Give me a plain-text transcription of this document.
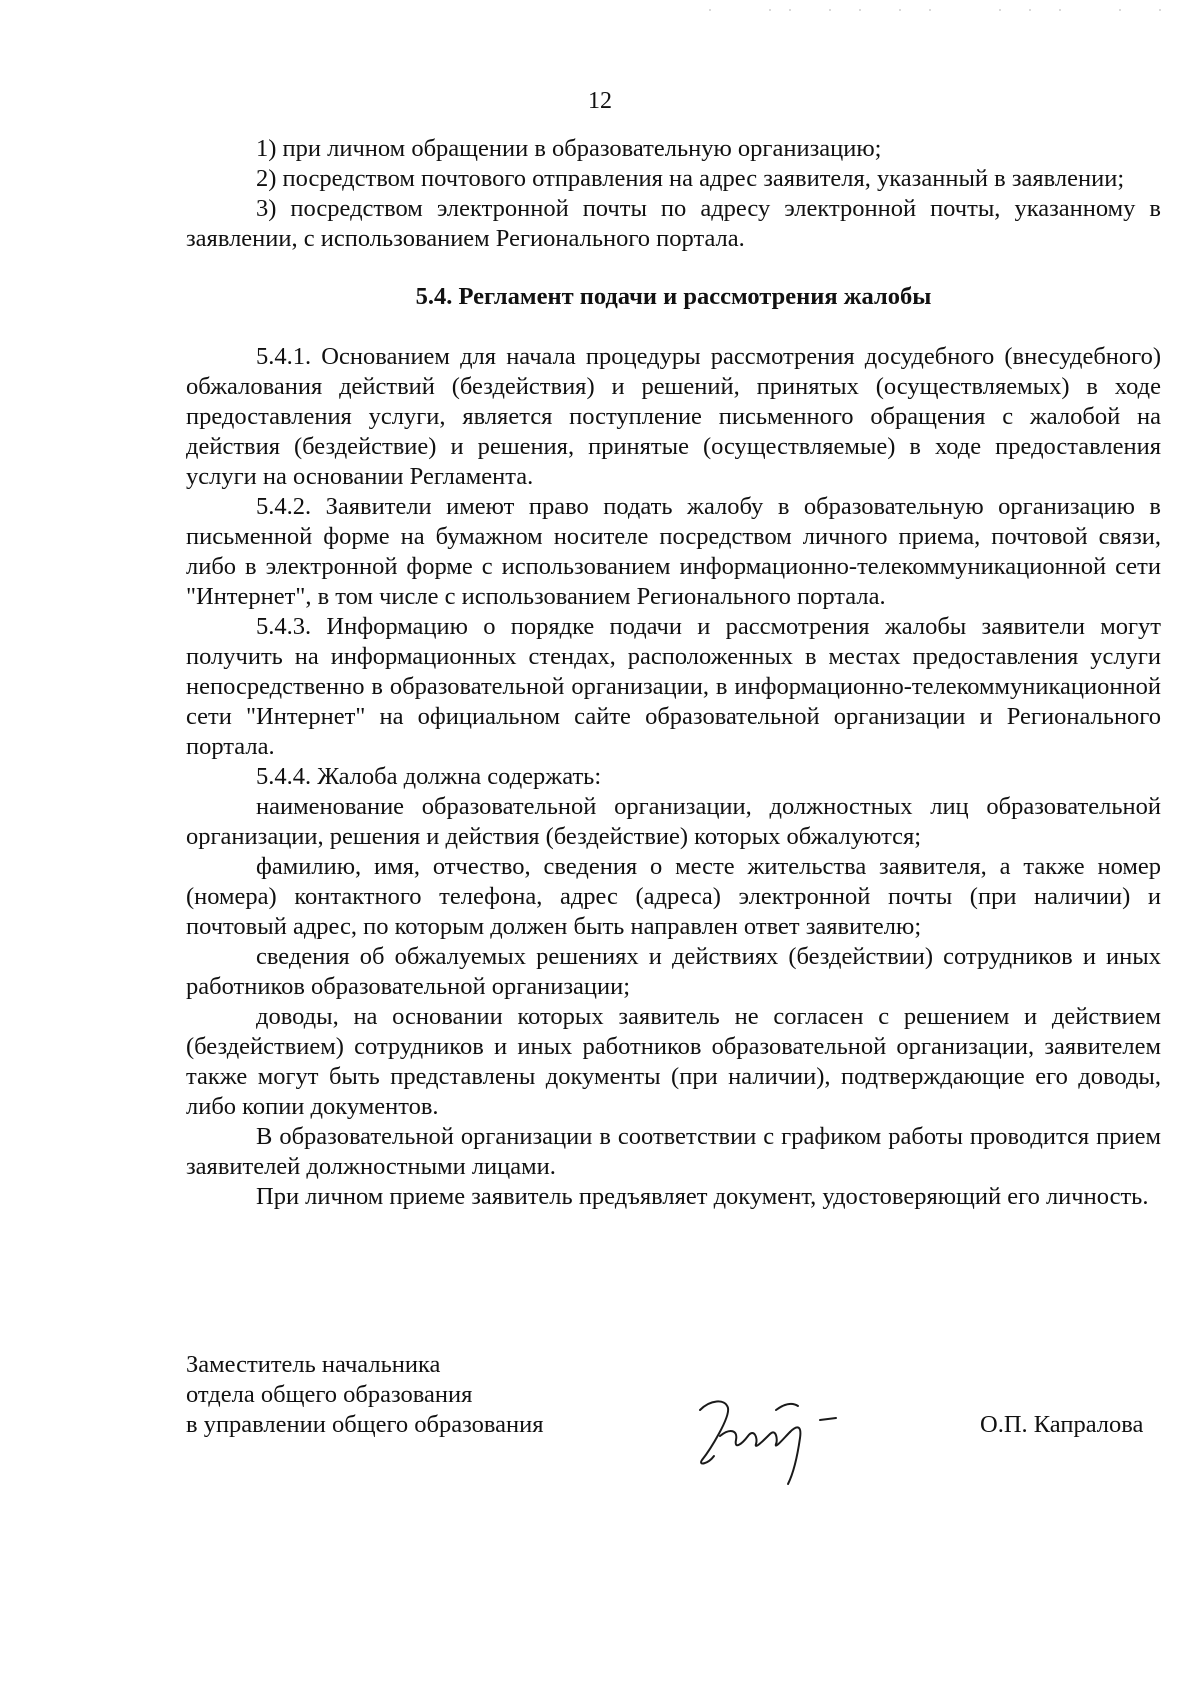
12

1) при личном обращении в образовательную организацию;

2) посредством почтового отправления на адрес заявителя, указанный в заявлении;

3) посредством электронной почты по адресу электронной почты, указанному в заявлении, с использованием Регионального портала.

5.4. Регламент подачи и рассмотрения жалобы

5.4.1. Основанием для начала процедуры рассмотрения досудебного (внесудебного) обжалования действий (бездействия) и решений, принятых (осуществляемых) в ходе предоставления услуги, является поступление письменного обращения с жалобой на действия (бездействие) и решения, принятые (осуществляемые) в ходе предоставления услуги на основании Регламента.

5.4.2. Заявители имеют право подать жалобу в образовательную организацию в письменной форме на бумажном носителе посредством личного приема, почтовой связи, либо в электронной форме с использованием информационно-телекоммуникационной сети "Интернет", в том числе с использованием Регионального портала.

5.4.3. Информацию о порядке подачи и рассмотрения жалобы заявители могут получить на информационных стендах, расположенных в местах предоставления услуги непосредственно в образовательной организации, в информационно-телекоммуникационной сети "Интернет" на официальном сайте образовательной организации и Регионального портала.

5.4.4. Жалоба должна содержать:

наименование образовательной организации, должностных лиц образовательной организации, решения и действия (бездействие) которых обжалуются;

фамилию, имя, отчество, сведения о месте жительства заявителя, а также номер (номера) контактного телефона, адрес (адреса) электронной почты (при наличии) и почтовый адрес, по которым должен быть направлен ответ заявителю;

сведения об обжалуемых решениях и действиях (бездействии) сотрудников и иных работников образовательной организации;

доводы, на основании которых заявитель не согласен с решением и действием (бездействием) сотрудников и иных работников образовательной организации, заявителем также могут быть представлены документы (при наличии), подтверждающие его доводы, либо копии документов.

В образовательной организации в соответствии с графиком работы проводится прием заявителей должностными лицами.

При личном приеме заявитель предъявляет документ, удостоверяющий его личность.

Заместитель начальника
отдела общего образования
в управлении общего образования	О.П. Капралова
